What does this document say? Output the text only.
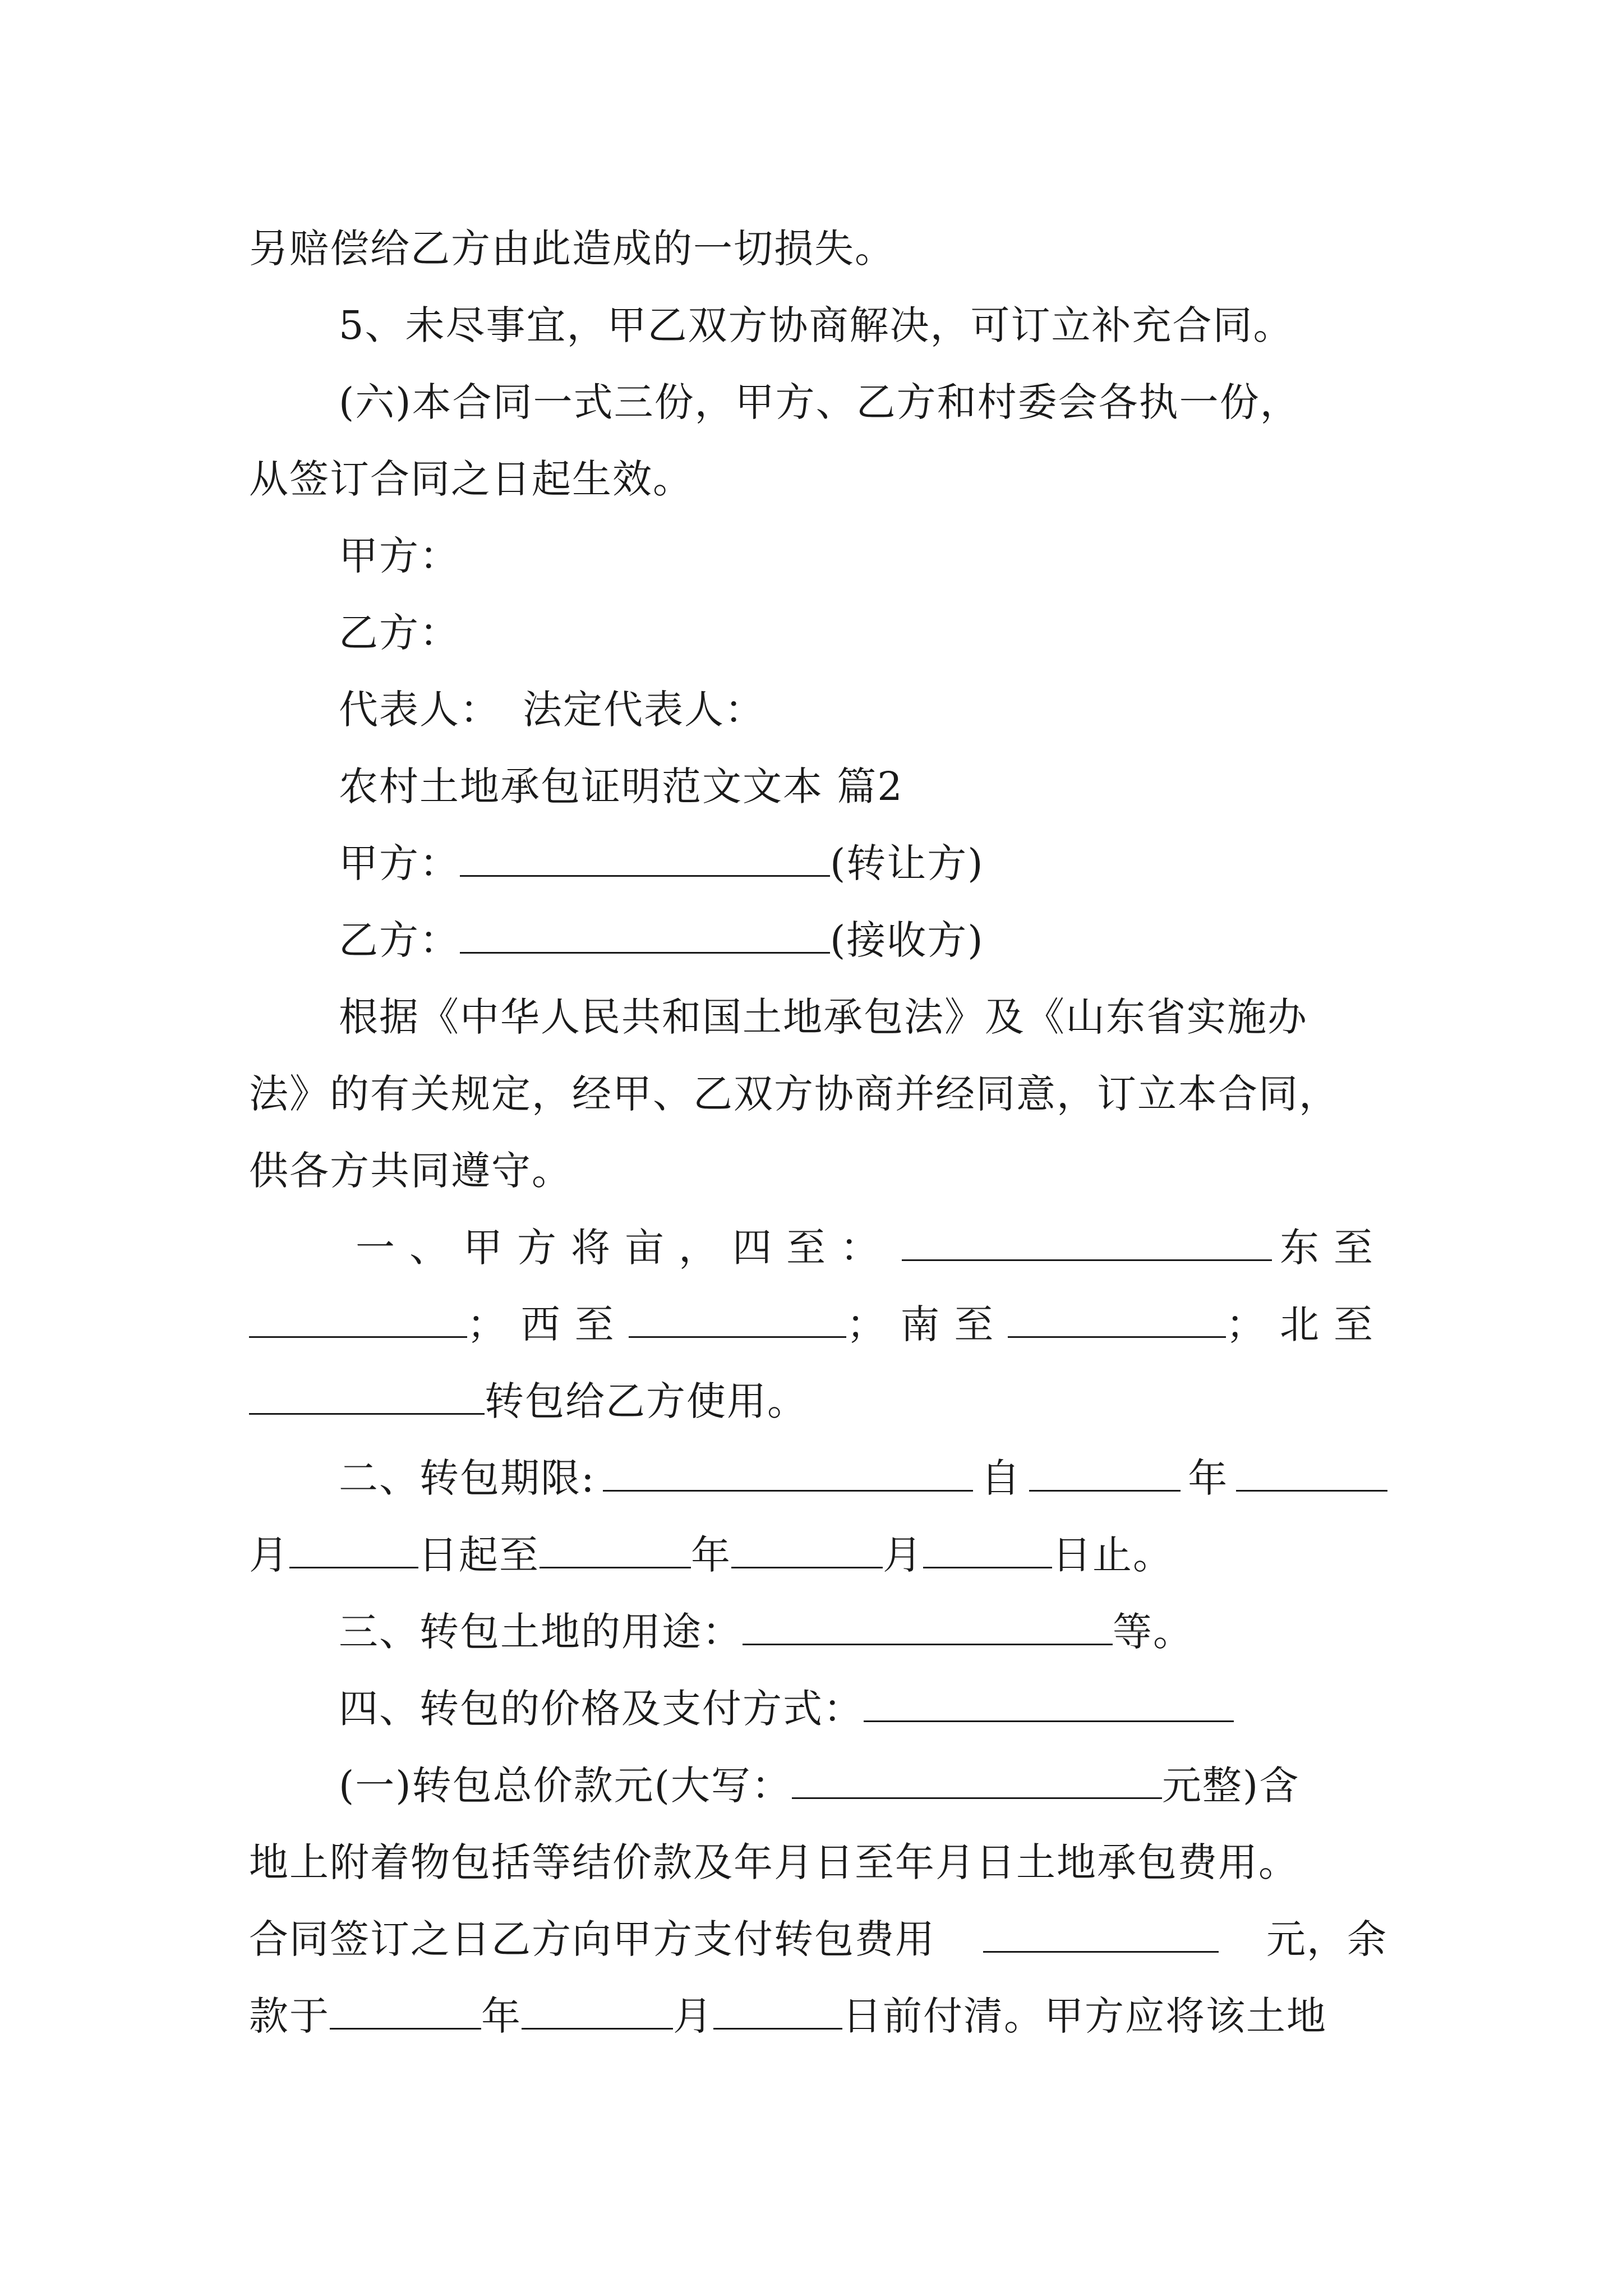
另赔偿给乙方由此造成的一切损失。
5、未尽事宜，甲乙双方协商解决，可订立补充合同。
(六)本合同一式三份，甲方、乙方和村委会各执一份，
从签订合同之日起生效。
甲方：
乙方：
代表人： 法定代表人：
农村土地承包证明范文文本 篇2
甲方：	(转让方)
乙方：	(接收方)
根据《中华人民共和国土地承包法》及《山东省实施办
法》的有关规定，经甲、乙双方协商并经同意，订立本合同，
供各方共同遵守。
一、甲方将亩，四至：	东至
；西至	；南至	；北至
转包给乙方使用。
二、转包期限:	自	年
月	日起至	年	月	日止。
三、转包土地的用途：	等。
四、转包的价格及支付方式：
(一)转包总价款元(大写：	元整)含
地上附着物包括等结价款及年月日至年月日土地承包费用。
合同签订之日乙方向甲方支付转包费用	元，余
款于	年	月	日前付清。甲方应将该土地
